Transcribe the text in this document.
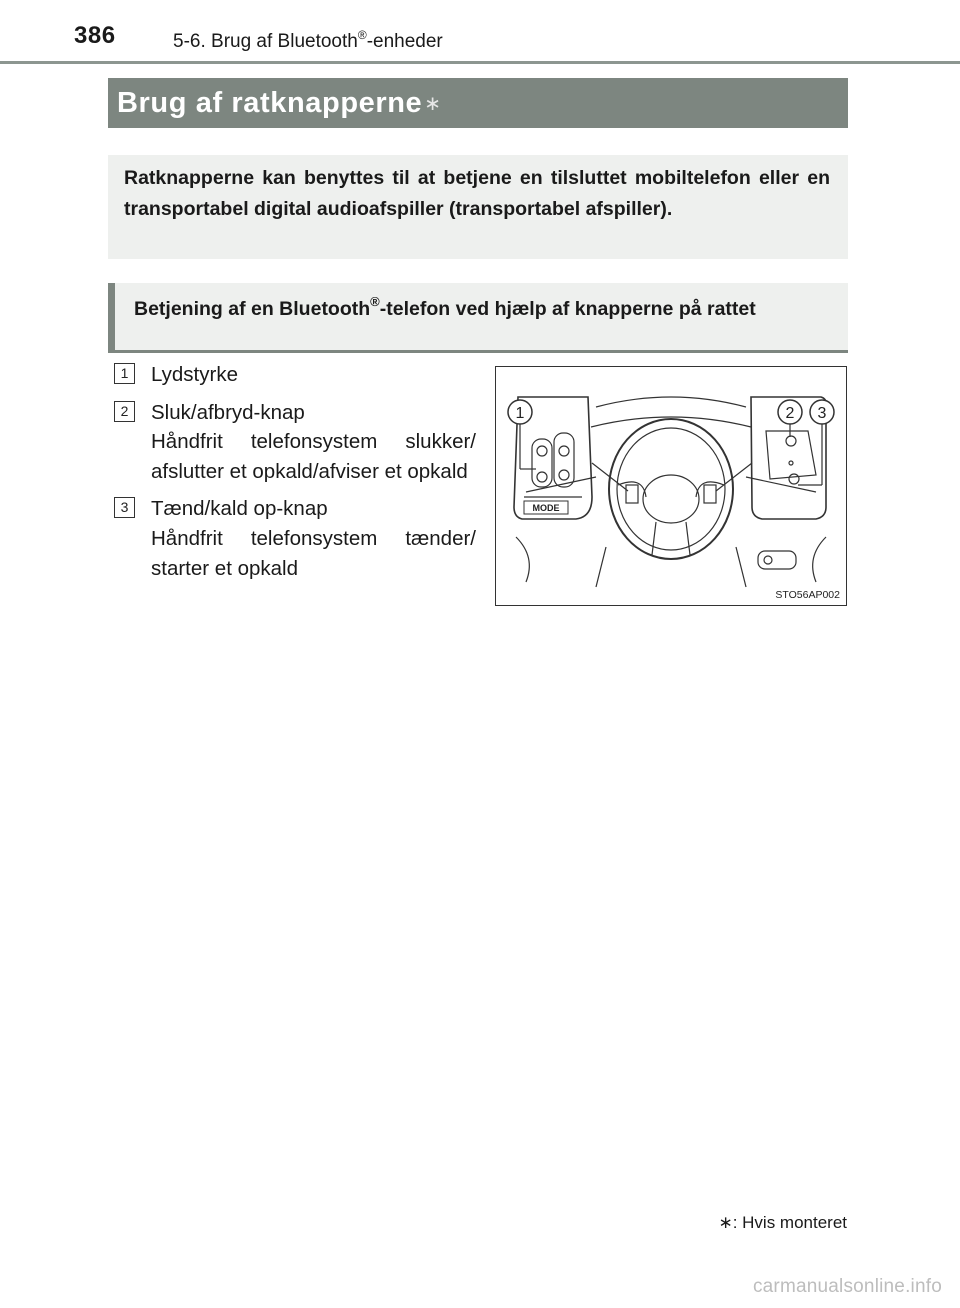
386	5-6. Brug af Bluetooth®-enheder
Brug af ratknapperne ∗
Ratknapperne kan benyttes til at betjene en tilsluttet mobiltelefon eller en transportabel digital audioafspiller (transportabel afspiller).
Betjening af en Bluetooth®-telefon ved hjælp af knapperne på rattet
1	Lydstyrke
2	Sluk/afbryd-knap
Håndfrit telefonsystem slukker/ afslutter et opkald/afviser et opkald
3	Tænd/kald op-knap
Håndfrit telefonsystem tænder/ starter et opkald
MODE
1	2 3
STO56AP002
∗: Hvis monteret
carmanualsonline.info
